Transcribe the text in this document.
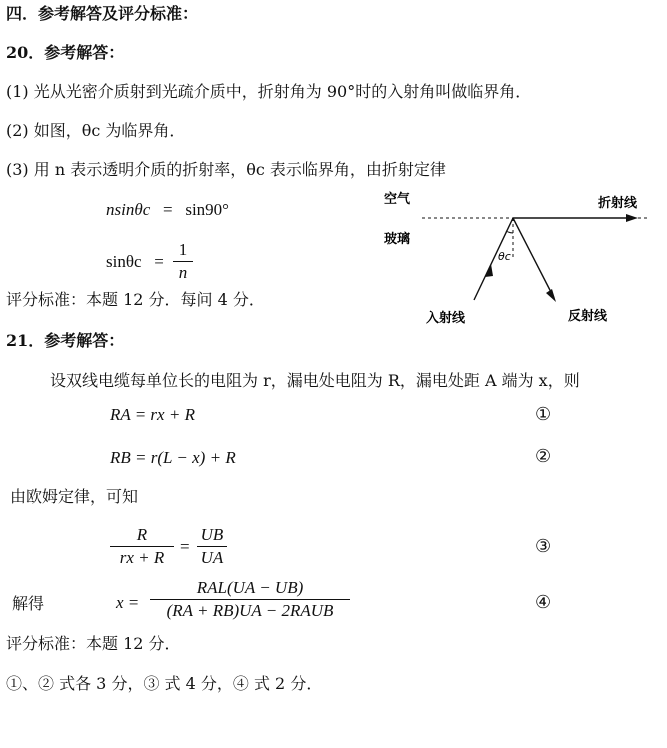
四．参考解答及评分标准：
20．参考解答：
(1) 光从光密介质射到光疏介质中，折射角为 90°时的入射角叫做临界角．
(2) 如图，θc 为临界角．
(3) 用 n 表示透明介质的折射率，θc 表示临界角，由折射定律
nsinθc = sin90°
$\sin\theta c = \frac{1}{n}$
评分标准：本题 12 分．每问 4 分．
θc
空气
玻璃
折射线
入射线	反射线
21．参考解答：
设双线电缆每单位长的电阻为 r，漏电处电阻为 R，漏电处距 A 端为 x，则
RA = rx + R	①
RB = r(L − x) + R	②
由欧姆定律，可知
$\frac{R}{rx + R} = \frac{UB}{UA}$	③
解得	x =
RAL(UA − UB)
(RA + RB)UA − 2RAUB	④
评分标准：本题 12 分．
①、② 式各 3 分，③ 式 4 分，④ 式 2 分．
